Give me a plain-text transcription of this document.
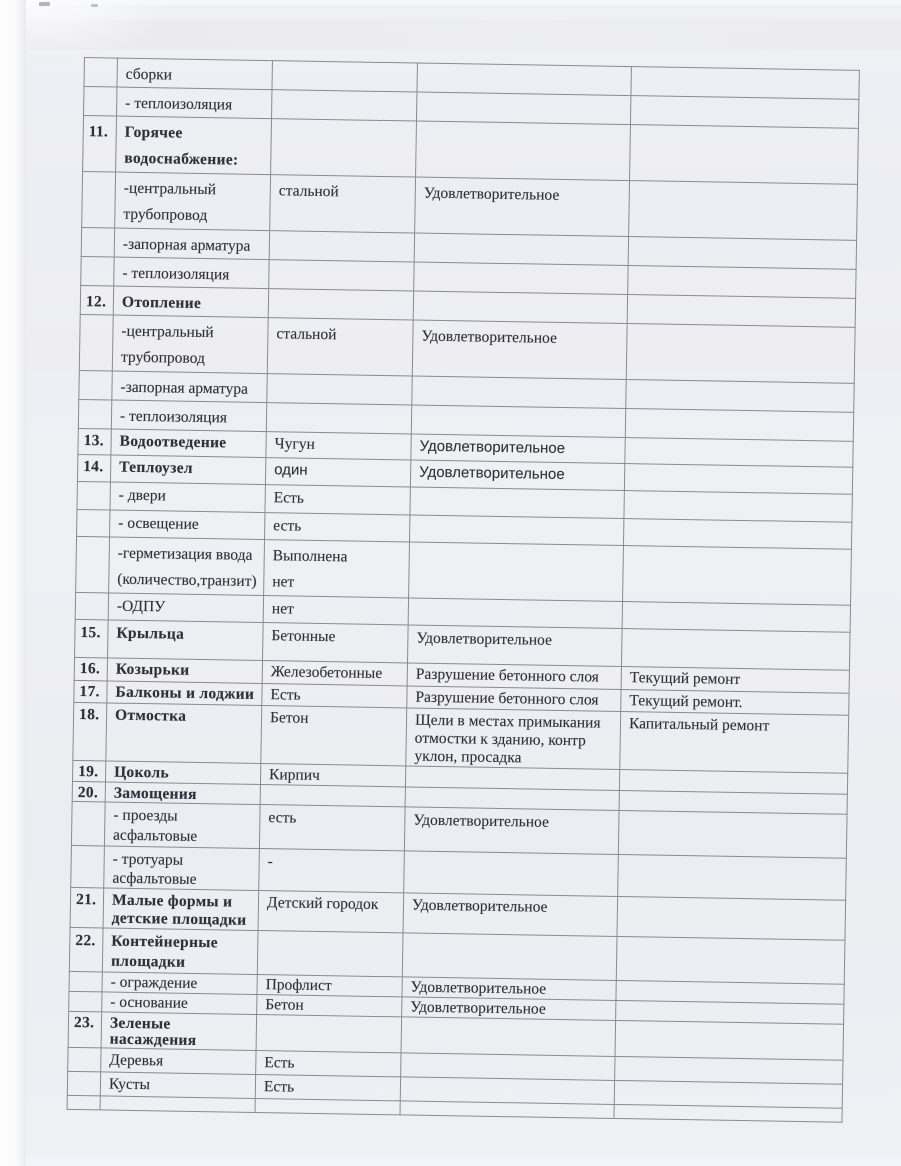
	сборки			
	- теплоизоляция			
11.	Горячее
водоснабжение:			
	-центральный
трубопровод	стальной	Удовлетворительное	
	-запорная арматура			
	- теплоизоляция			
12.	Отопление			
	-центральный
трубопровод	стальной	Удовлетворительное	
	-запорная арматура			
	- теплоизоляция			
13.	Водоотведение	Чугун	Удовлетворительное	
14.	Теплоузел	один	Удовлетворительное	
	- двери	Есть		
	- освещение	есть		
	-герметизация ввода
(количество,транзит)	Выполнена
нет		
	-ОДПУ	нет		
15.	Крыльца	Бетонные	Удовлетворительное	
16.	Козырьки	Железобетонные	Разрушение бетонного слоя	Текущий ремонт
17.	Балконы и лоджии	Есть	Разрушение бетонного слоя	Текущий ремонт.
18.	Отмостка	Бетон	Щели в местах примыкания
отмостки к зданию, контр
уклон, просадка	Капитальный ремонт
19.	Цоколь	Кирпич		
20.	Замощения			
	- проезды
асфальтовые	есть	Удовлетворительное	
	- тротуары
асфальтовые	-		
21.	Малые формы и
детские площадки	Детский городок	Удовлетворительное	
22.	Контейнерные
площадки			
	- ограждение	Профлист	Удовлетворительное	
	- основание	Бетон	Удовлетворительное	
23.	Зеленые насаждения			
	Деревья	Есть		
	Кусты	Есть		
